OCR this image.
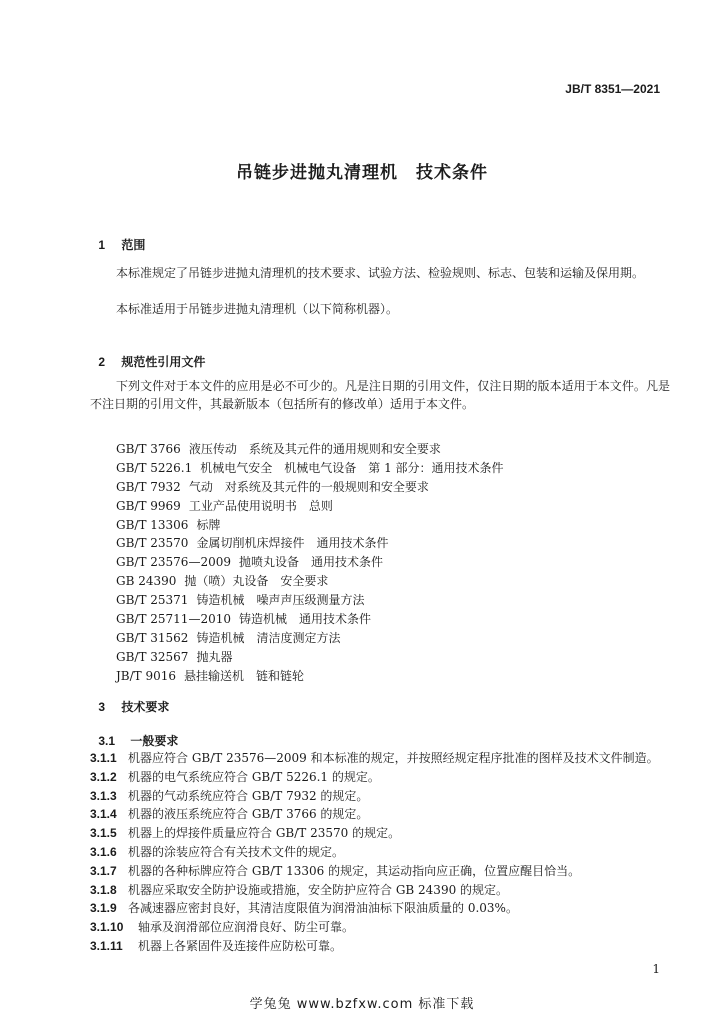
JB/T 8351—2021
吊链步进抛丸清理机　技术条件

1 范围

本标准规定了吊链步进抛丸清理机的技术要求、试验方法、检验规则、标志、包装和运输及保用期。

本标准适用于吊链步进抛丸清理机（以下简称机器）。

2 规范性引用文件

下列文件对于本文件的应用是必不可少的。凡是注日期的引用文件，仅注日期的版本适用于本文件。凡是不注日期的引用文件，其最新版本（包括所有的修改单）适用于本文件。

GB/T 3766 液压传动　系统及其元件的通用规则和安全要求
GB/T 5226.1 机械电气安全　机械电气设备　第 1 部分：通用技术条件
GB/T 7932 气动　对系统及其元件的一般规则和安全要求
GB/T 9969 工业产品使用说明书　总则
GB/T 13306 标牌
GB/T 23570 金属切削机床焊接件　通用技术条件
GB/T 23576—2009 抛喷丸设备　通用技术条件
GB 24390 抛（喷）丸设备　安全要求
GB/T 25371 铸造机械　噪声声压级测量方法
GB/T 25711—2010 铸造机械　通用技术条件
GB/T 31562 铸造机械　清洁度测定方法
GB/T 32567 抛丸器
JB/T 9016 悬挂输送机　链和链轮

3 技术要求

3.1 一般要求

3.1.1 机器应符合 GB/T 23576—2009 和本标准的规定，并按照经规定程序批准的图样及技术文件制造。
3.1.2 机器的电气系统应符合 GB/T 5226.1 的规定。
3.1.3 机器的气动系统应符合 GB/T 7932 的规定。
3.1.4 机器的液压系统应符合 GB/T 3766 的规定。
3.1.5 机器上的焊接件质量应符合 GB/T 23570 的规定。
3.1.6 机器的涂装应符合有关技术文件的规定。
3.1.7 机器的各种标牌应符合 GB/T 13306 的规定，其运动指向应正确，位置应醒目恰当。
3.1.8 机器应采取安全防护设施或措施，安全防护应符合 GB 24390 的规定。
3.1.9 各减速器应密封良好，其清洁度限值为润滑油油标下限油质量的 0.03%。
3.1.10 轴承及润滑部位应润滑良好、防尘可靠。
3.1.11 机器上各紧固件及连接件应防松可靠。
1
学兔兔 www.bzfxw.com 标准下载
